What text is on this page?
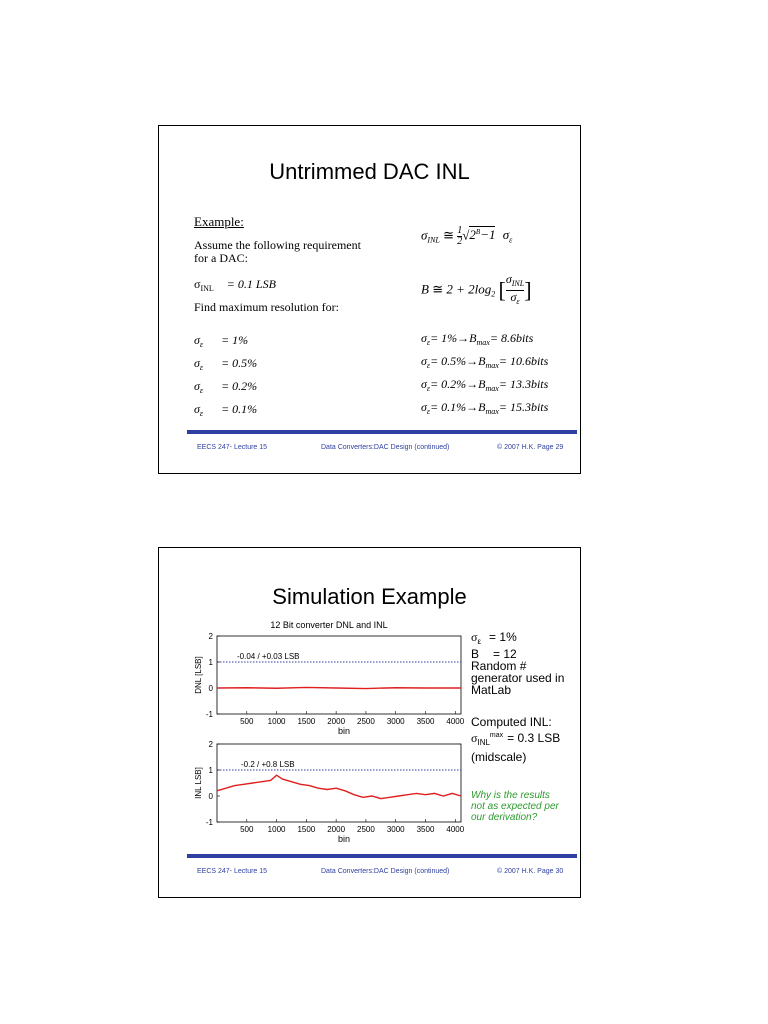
Untrimmed DAC INL
Example:
Assume the following requirement for a DAC:
$\sigma_{INL} = 0.1$ LSB
Find maximum resolution for:
$\sigma_\varepsilon = 1\%$
$\sigma_\varepsilon = 0.5\%$
$\sigma_\varepsilon = 0.2\%$
$\sigma_\varepsilon = 0.1\%$
$\sigma_{INL}$ ≅ $\frac{1}{2} √2^B-1$ $\sigma_\varepsilon$
B ≅ $2 + 2\log_2$ [ $\sigma_{INL}$
$\sigma_\varepsilon$ ]
$\sigma_\varepsilon= 1\%\to B_{max}=$ 8.6bits
$\sigma_\varepsilon= 0.5\%\to B_{max}=$ 10.6bits
$\sigma_\varepsilon= 0.2\%\to B_{max}=$ 13.3bits
$\sigma_\varepsilon= 0.1\%\to B_{max}=$ 15.3bits
EECS 247- Lecture 15	Data Converters:DAC Design (continued)	© 2007 H.K. Page 29
Simulation Example
12 Bit converter DNL and INL
-1
0
1
2
500 1000 1500 2000 2500 3000 3500 4000
bin
DNL [LSB]	-0.04 / +0.03 LSB
-1
0
1
2
500 1000 1500 2000 2500 3000 3500 4000
bin
INL LSB]
-0.2 / +0.8 LSB
$\sigma_\varepsilon = 1\%$
B = 12
Random #
generator used in
MatLab
Computed INL:
$\sigma_{INL}^{max} = 0.3$ LSB
(midscale)
Why is the results
not as expected per
our derivation?
EECS 247- Lecture 15	Data Converters:DAC Design (continued)	© 2007 H.K. Page 30
